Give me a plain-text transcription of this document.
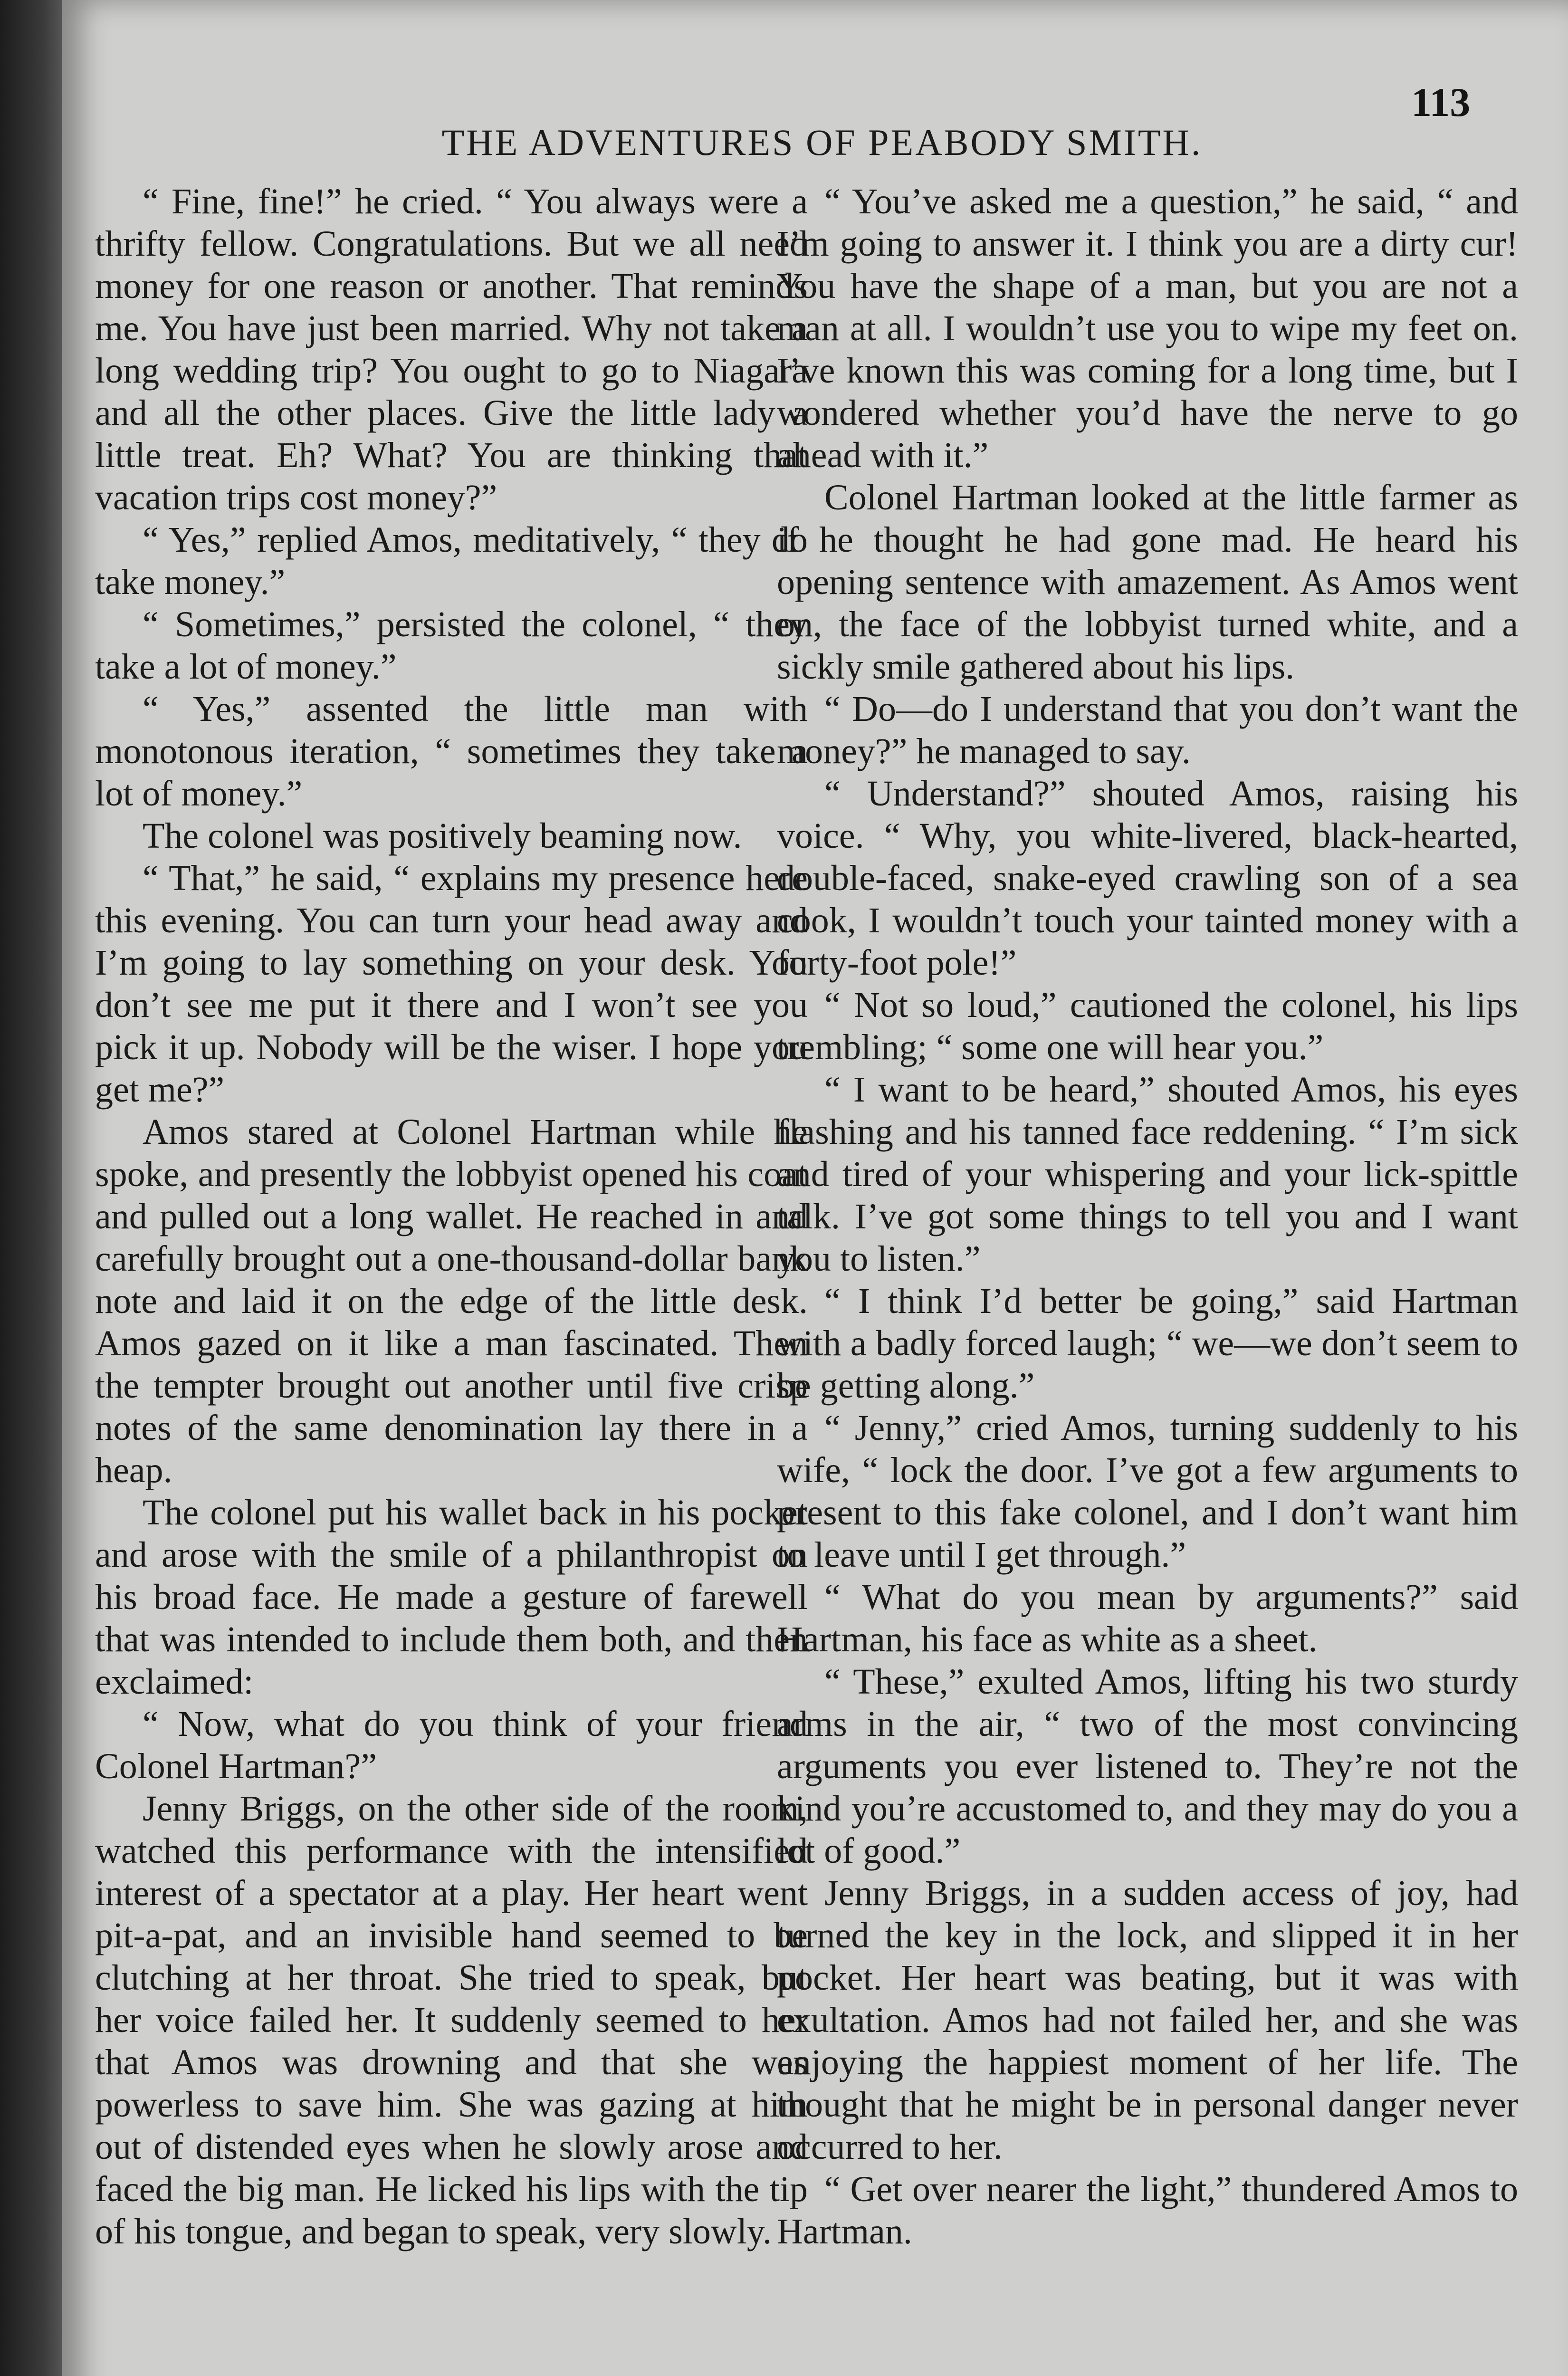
THE ADVENTURES OF PEABODY SMITH.
113

“ Fine, fine!” he cried. “ You always were a thrifty fellow. Congratulations. But we all need money for one reason or another. That reminds me. You have just been married. Why not take a long wedding trip? You ought to go to Niagara and all the other places. Give the little lady a little treat. Eh? What? You are thinking that vacation trips cost money?”

“ Yes,” replied Amos, meditatively, “ they do take money.”

“ Sometimes,” persisted the colonel, “ they take a lot of money.”

“ Yes,” assented the little man with monotonous iteration, “ sometimes they take a lot of money.”

The colonel was positively beaming now.

“ That,” he said, “ explains my presence here this evening. You can turn your head away and I’m going to lay something on your desk. You don’t see me put it there and I won’t see you pick it up. Nobody will be the wiser. I hope you get me?”

Amos stared at Colonel Hartman while he spoke, and presently the lobbyist opened his coat and pulled out a long wallet. He reached in and carefully brought out a one-thousand-dollar bank note and laid it on the edge of the little desk. Amos gazed on it like a man fascinated. Then the tempter brought out another until five crisp notes of the same denomination lay there in a heap.

The colonel put his wallet back in his pocket and arose with the smile of a philanthropist on his broad face. He made a gesture of farewell that was intended to include them both, and then exclaimed:

“ Now, what do you think of your friend Colonel Hartman?”

Jenny Briggs, on the other side of the room, watched this performance with the intensified interest of a spectator at a play. Her heart went pit-a-pat, and an invisible hand seemed to be clutching at her throat. She tried to speak, but her voice failed her. It suddenly seemed to her that Amos was drowning and that she was powerless to save him. She was gazing at him out of distended eyes when he slowly arose and faced the big man. He licked his lips with the tip of his tongue, and began to speak, very slowly.

“ You’ve asked me a question,” he said, “ and I’m going to answer it. I think you are a dirty cur! You have the shape of a man, but you are not a man at all. I wouldn’t use you to wipe my feet on. I’ve known this was coming for a long time, but I wondered whether you’d have the nerve to go ahead with it.”

Colonel Hartman looked at the little farmer as if he thought he had gone mad. He heard his opening sentence with amazement. As Amos went on, the face of the lobbyist turned white, and a sickly smile gathered about his lips.

“ Do—do I understand that you don’t want the money?” he managed to say.

“ Understand?” shouted Amos, raising his voice. “ Why, you white-livered, black-hearted, double-faced, snake-eyed crawling son of a sea cook, I wouldn’t touch your tainted money with a forty-foot pole!”

“ Not so loud,” cautioned the colonel, his lips trembling; “ some one will hear you.”

“ I want to be heard,” shouted Amos, his eyes flashing and his tanned face reddening. “ I’m sick and tired of your whispering and your lick-spittle talk. I’ve got some things to tell you and I want you to listen.”

“ I think I’d better be going,” said Hartman with a badly forced laugh; “ we—we don’t seem to be getting along.”

“ Jenny,” cried Amos, turning suddenly to his wife, “ lock the door. I’ve got a few arguments to present to this fake colonel, and I don’t want him to leave until I get through.”

“ What do you mean by arguments?” said Hartman, his face as white as a sheet.

“ These,” exulted Amos, lifting his two sturdy arms in the air, “ two of the most convincing arguments you ever listened to. They’re not the kind you’re accustomed to, and they may do you a lot of good.”

Jenny Briggs, in a sudden access of joy, had turned the key in the lock, and slipped it in her pocket. Her heart was beating, but it was with exultation. Amos had not failed her, and she was enjoying the happiest moment of her life. The thought that he might be in personal danger never occurred to her.

“ Get over nearer the light,” thundered Amos to Hartman.
